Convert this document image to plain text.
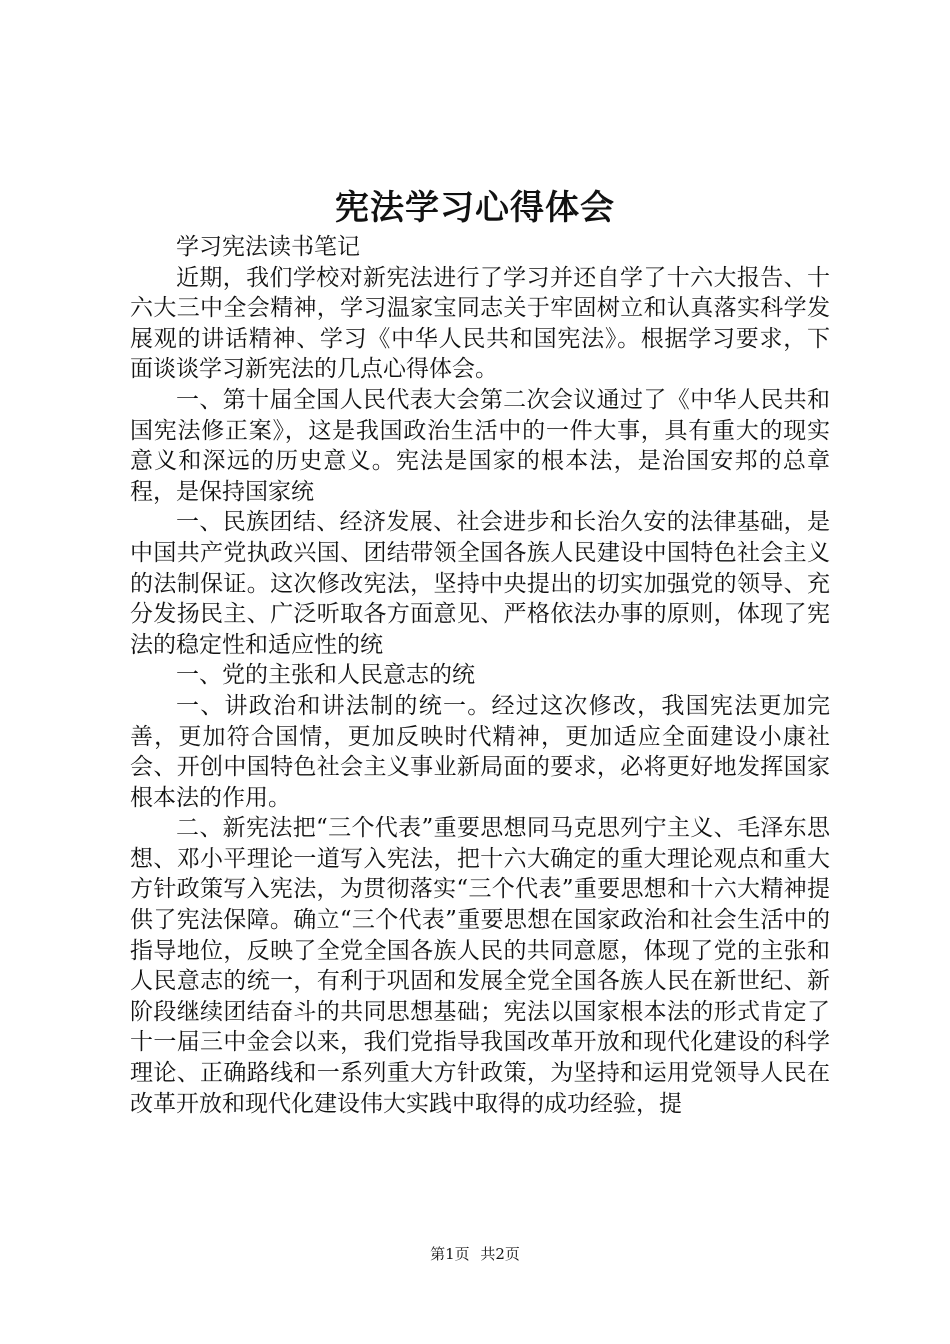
宪法学习心得体会

学习宪法读书笔记

近期，我们学校对新宪法进行了学习并还自学了十六大报告、十六大三中全会精神，学习温家宝同志关于牢固树立和认真落实科学发展观的讲话精神、学习《中华人民共和国宪法》。根据学习要求，下面谈谈学习新宪法的几点心得体会。

一、第十届全国人民代表大会第二次会议通过了《中华人民共和国宪法修正案》，这是我国政治生活中的一件大事，具有重大的现实意义和深远的历史意义。宪法是国家的根本法，是治国安邦的总章程，是保持国家统

一、民族团结、经济发展、社会进步和长治久安的法律基础，是中国共产党执政兴国、团结带领全国各族人民建设中国特色社会主义的法制保证。这次修改宪法，坚持中央提出的切实加强党的领导、充分发扬民主、广泛听取各方面意见、严格依法办事的原则，体现了宪法的稳定性和适应性的统

一、党的主张和人民意志的统

一、讲政治和讲法制的统一。经过这次修改，我国宪法更加完善，更加符合国情，更加反映时代精神，更加适应全面建设小康社会、开创中国特色社会主义事业新局面的要求，必将更好地发挥国家根本法的作用。

二、新宪法把“三个代表”重要思想同马克思列宁主义、毛泽东思想、邓小平理论一道写入宪法，把十六大确定的重大理论观点和重大方针政策写入宪法，为贯彻落实“三个代表”重要思想和十六大精神提供了宪法保障。确立“三个代表”重要思想在国家政治和社会生活中的指导地位，反映了全党全国各族人民的共同意愿，体现了党的主张和人民意志的统一，有利于巩固和发展全党全国各族人民在新世纪、新阶段继续团结奋斗的共同思想基础；宪法以国家根本法的形式肯定了十一届三中金会以来，我们党指导我国改革开放和现代化建设的科学理论、正确路线和一系列重大方针政策，为坚持和运用党领导人民在改革开放和现代化建设伟大实践中取得的成功经验，提

第1页 共2页
